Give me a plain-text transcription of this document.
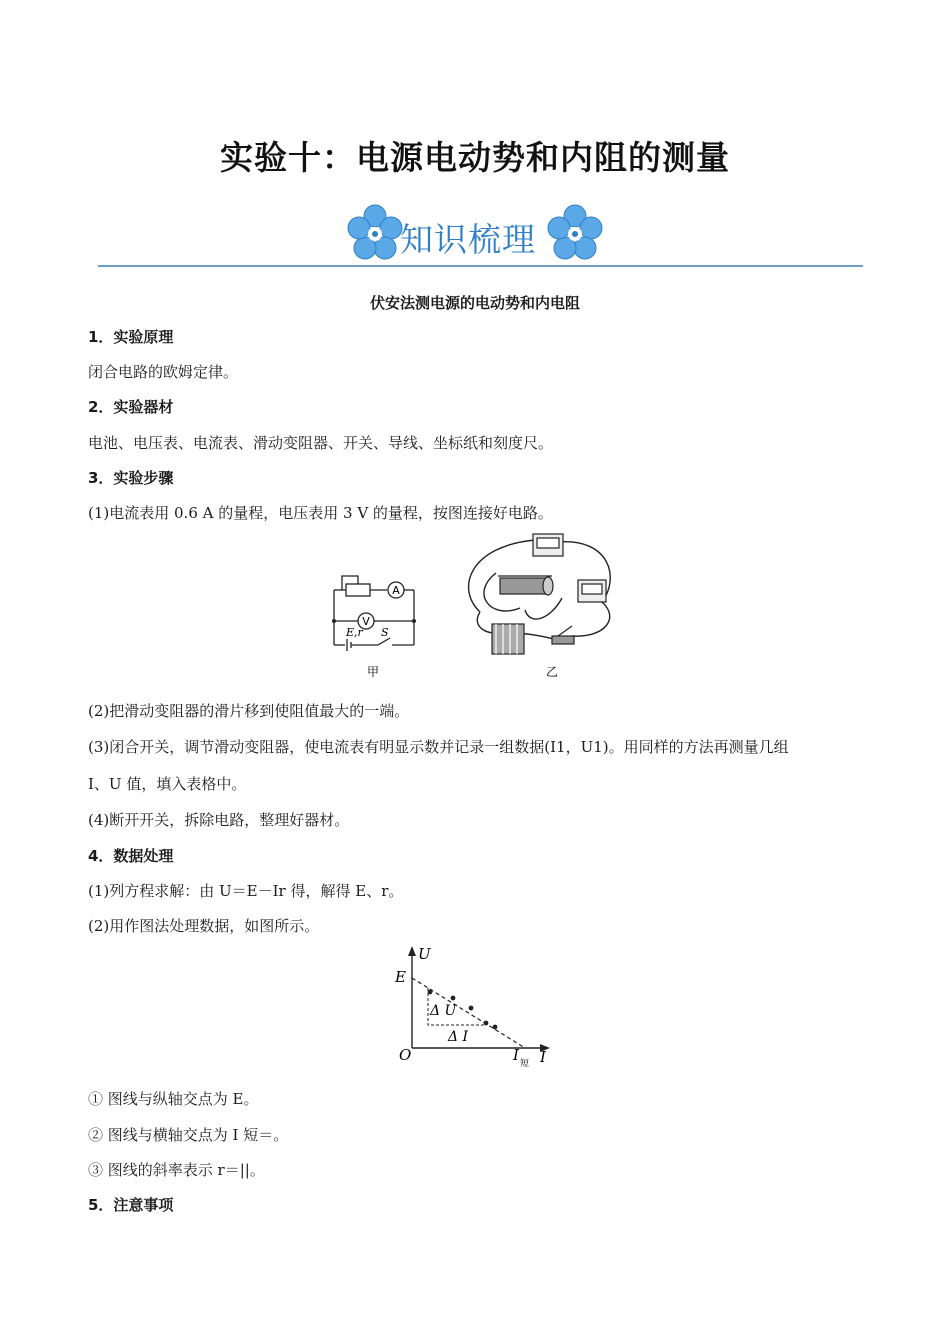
实验十：电源电动势和内阻的测量
知识梳理
伏安法测电源的电动势和内电阻
1．实验原理
闭合电路的欧姆定律。
2．实验器材
电池、电压表、电流表、滑动变阻器、开关、导线、坐标纸和刻度尺。
3．实验步骤
(1)电流表用 0.6 A 的量程，电压表用 3 V 的量程，按图连接好电路。
A
V
E,r S
甲	乙
(2)把滑动变阻器的滑片移到使阻值最大的一端。
(3)闭合开关，调节滑动变阻器，使电流表有明显示数并记录一组数据(I1，U1)。用同样的方法再测量几组
I、U 值，填入表格中。
(4)断开开关，拆除电路，整理好器材。
4．数据处理
(1)列方程求解：由 U＝E－Ir 得，解得 E、r。
(2)用作图法处理数据，如图所示。
U
E
O	I
I 短
Δ U
Δ I
① 图线与纵轴交点为 E。
② 图线与横轴交点为 I 短＝。
③ 图线的斜率表示 r＝||。
5．注意事项
